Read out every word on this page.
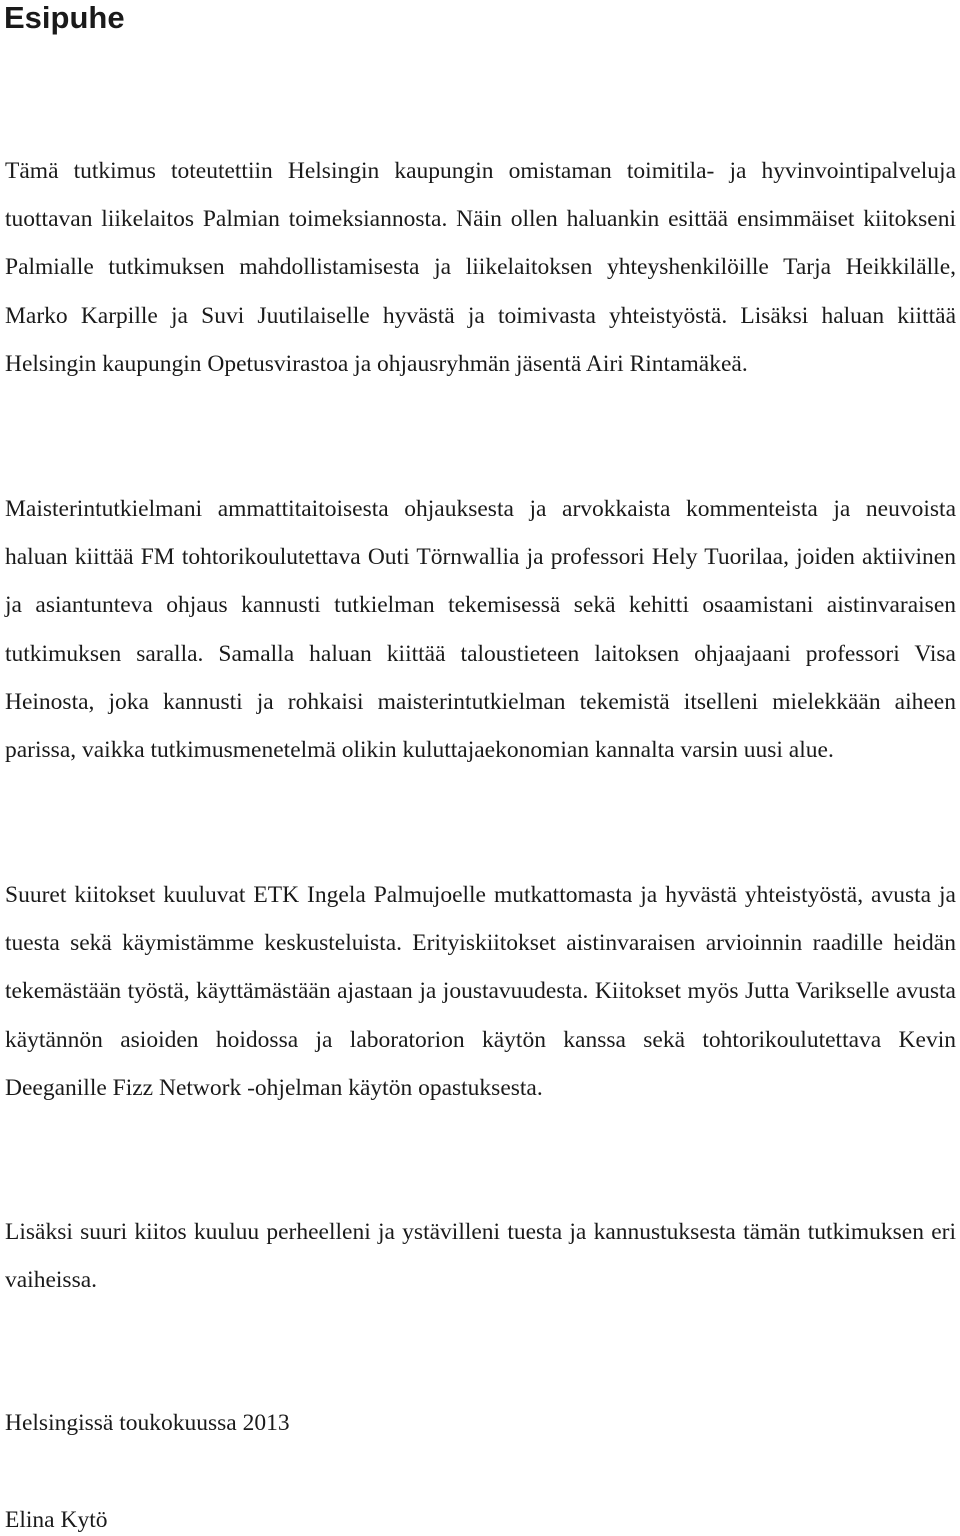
Esipuhe

Tämä tutkimus toteutettiin Helsingin kaupungin omistaman toimitila- ja hyvinvointipalveluja tuottavan liikelaitos Palmian toimeksiannosta. Näin ollen haluankin esittää ensimmäiset kiitokseni Palmialle tutkimuksen mahdollistamisesta ja liikelaitoksen yhteyshenkilöille Tarja Heikkilälle, Marko Karpille ja Suvi Juutilaiselle hyvästä ja toimivasta yhteistyöstä. Lisäksi haluan kiittää Helsingin kaupungin Opetusvirastoa ja ohjausryhmän jäsentä Airi Rintamäkeä.

Maisterintutkielmani ammattitaitoisesta ohjauksesta ja arvokkaista kommenteista ja neuvoista haluan kiittää FM tohtorikoulutettava Outi Törnwallia ja professori Hely Tuorilaa, joiden aktiivinen ja asiantunteva ohjaus kannusti tutkielman tekemisessä sekä kehitti osaamistani aistinvaraisen tutkimuksen saralla. Samalla haluan kiittää taloustieteen laitoksen ohjaajaani professori Visa Heinosta, joka kannusti ja rohkaisi maisterintutkielman tekemistä itselleni mielekkään aiheen parissa, vaikka tutkimusmenetelmä olikin kuluttajaekonomian kannalta varsin uusi alue.

Suuret kiitokset kuuluvat ETK Ingela Palmujoelle mutkattomasta ja hyvästä yhteistyöstä, avusta ja tuesta sekä käymistämme keskusteluista. Erityiskiitokset aistinvaraisen arvioinnin raadille heidän tekemästään työstä, käyttämästään ajastaan ja joustavuudesta. Kiitokset myös Jutta Varikselle avusta käytännön asioiden hoidossa ja laboratorion käytön kanssa sekä tohtorikoulutettava Kevin Deeganille Fizz Network -ohjelman käytön opastuksesta.

Lisäksi suuri kiitos kuuluu perheelleni ja ystävilleni tuesta ja kannustuksesta tämän tutkimuksen eri vaiheissa.

Helsingissä toukokuussa 2013

Elina Kytö
